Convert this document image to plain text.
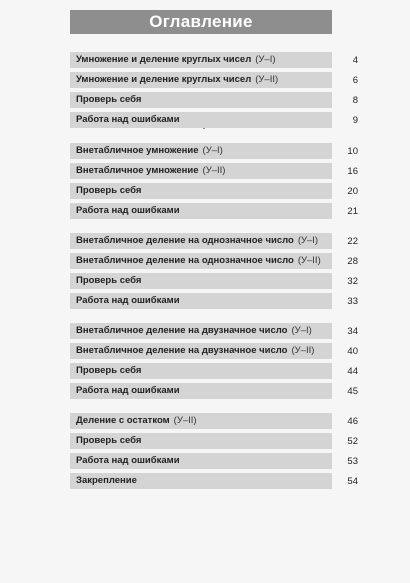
Оглавление
Умножение и деление круглых чисел (У–I)	4
Умножение и деление круглых чисел (У–II)	6
Проверь себя	8
Работа над ошибками	9
Внетабличное умножение (У–I)	10
Внетабличное умножение (У–II)	16
Проверь себя	20
Работа над ошибками	21
Внетабличное деление на однозначное число (У–I)	22
Внетабличное деление на однозначное число (У–II)	28
Проверь себя	32
Работа над ошибками	33
Внетабличное деление на двузначное число (У–I)	34
Внетабличное деление на двузначное число (У–II)	40
Проверь себя	44
Работа над ошибками	45
Деление с остатком (У–II)	46
Проверь себя	52
Работа над ошибками	53
Закрепление	54
